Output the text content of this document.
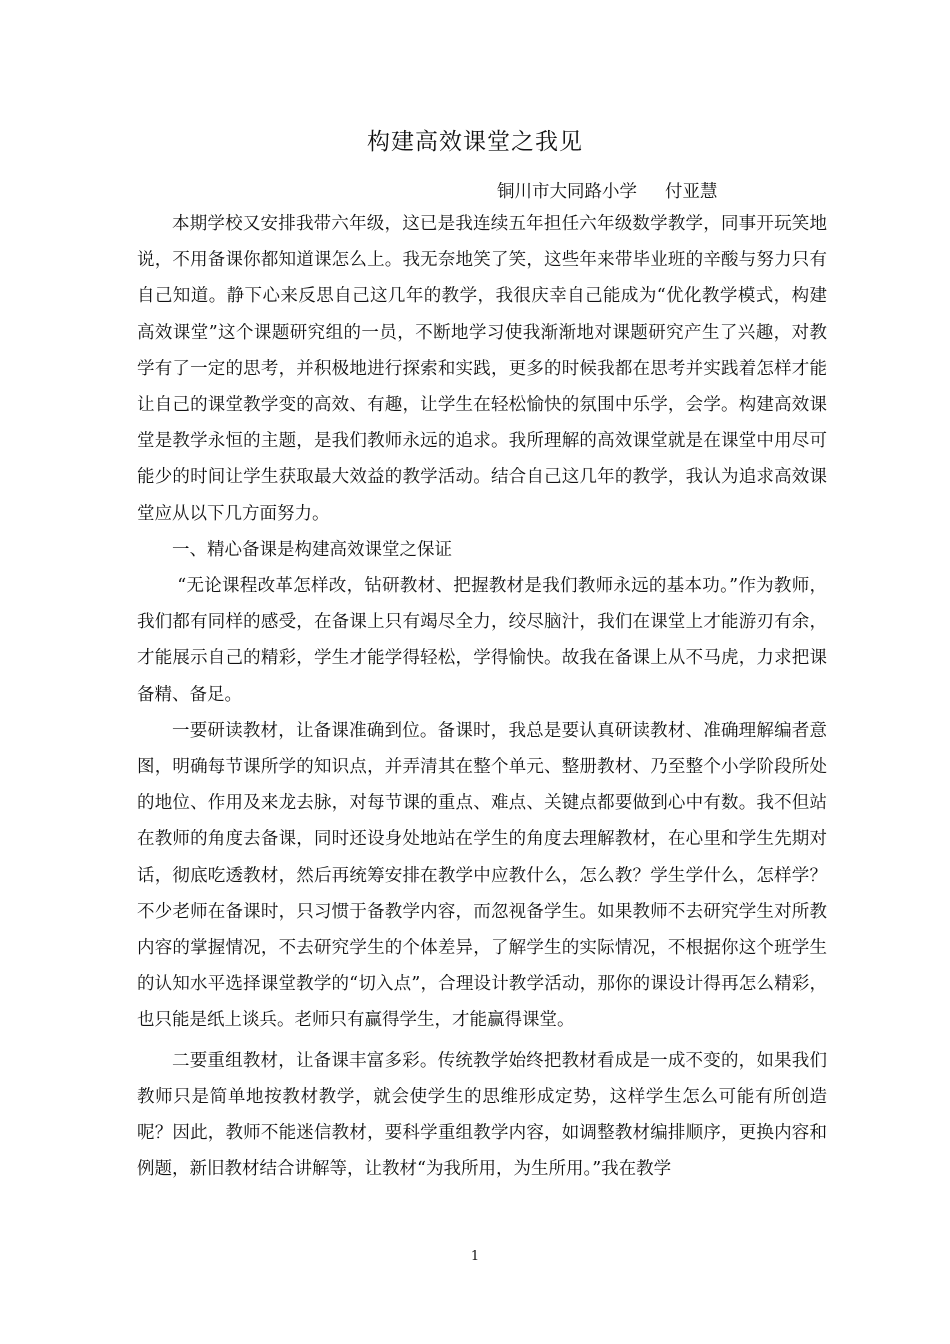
构建高效课堂之我见
铜川市大同路小学 付亚慧

本期学校又安排我带六年级，这已是我连续五年担任六年级数学教学，同事开玩笑地说，不用备课你都知道课怎么上。我无奈地笑了笑，这些年来带毕业班的辛酸与努力只有自己知道。静下心来反思自己这几年的教学，我很庆幸自己能成为“优化教学模式，构建高效课堂”这个课题研究组的一员，不断地学习使我渐渐地对课题研究产生了兴趣，对教学有了一定的思考，并积极地进行探索和实践，更多的时候我都在思考并实践着怎样才能让自己的课堂教学变的高效、有趣，让学生在轻松愉快的氛围中乐学，会学。构建高效课堂是教学永恒的主题，是我们教师永远的追求。我所理解的高效课堂就是在课堂中用尽可能少的时间让学生获取最大效益的教学活动。结合自己这几年的教学，我认为追求高效课堂应从以下几方面努力。

一、精心备课是构建高效课堂之保证

“无论课程改革怎样改，钻研教材、把握教材是我们教师永远的基本功。”作为教师，我们都有同样的感受，在备课上只有竭尽全力，绞尽脑汁，我们在课堂上才能游刃有余，才能展示自己的精彩，学生才能学得轻松，学得愉快。故我在备课上从不马虎，力求把课备精、备足。

一要研读教材，让备课准确到位。备课时，我总是要认真研读教材、准确理解编者意图，明确每节课所学的知识点，并弄清其在整个单元、整册教材、乃至整个小学阶段所处的地位、作用及来龙去脉，对每节课的重点、难点、关键点都要做到心中有数。我不但站在教师的角度去备课，同时还设身处地站在学生的角度去理解教材，在心里和学生先期对话，彻底吃透教材，然后再统筹安排在教学中应教什么，怎么教？学生学什么，怎样学？不少老师在备课时，只习惯于备教学内容，而忽视备学生。如果教师不去研究学生对所教内容的掌握情况，不去研究学生的个体差异，了解学生的实际情况，不根据你这个班学生的认知水平选择课堂教学的“切入点”，合理设计教学活动，那你的课设计得再怎么精彩，也只能是纸上谈兵。老师只有赢得学生，才能赢得课堂。

二要重组教材，让备课丰富多彩。传统教学始终把教材看成是一成不变的，如果我们教师只是简单地按教材教学，就会使学生的思维形成定势，这样学生怎么可能有所创造呢？因此，教师不能迷信教材，要科学重组教学内容，如调整教材编排顺序，更换内容和例题，新旧教材结合讲解等，让教材“为我所用，为生所用。”我在教学

1
